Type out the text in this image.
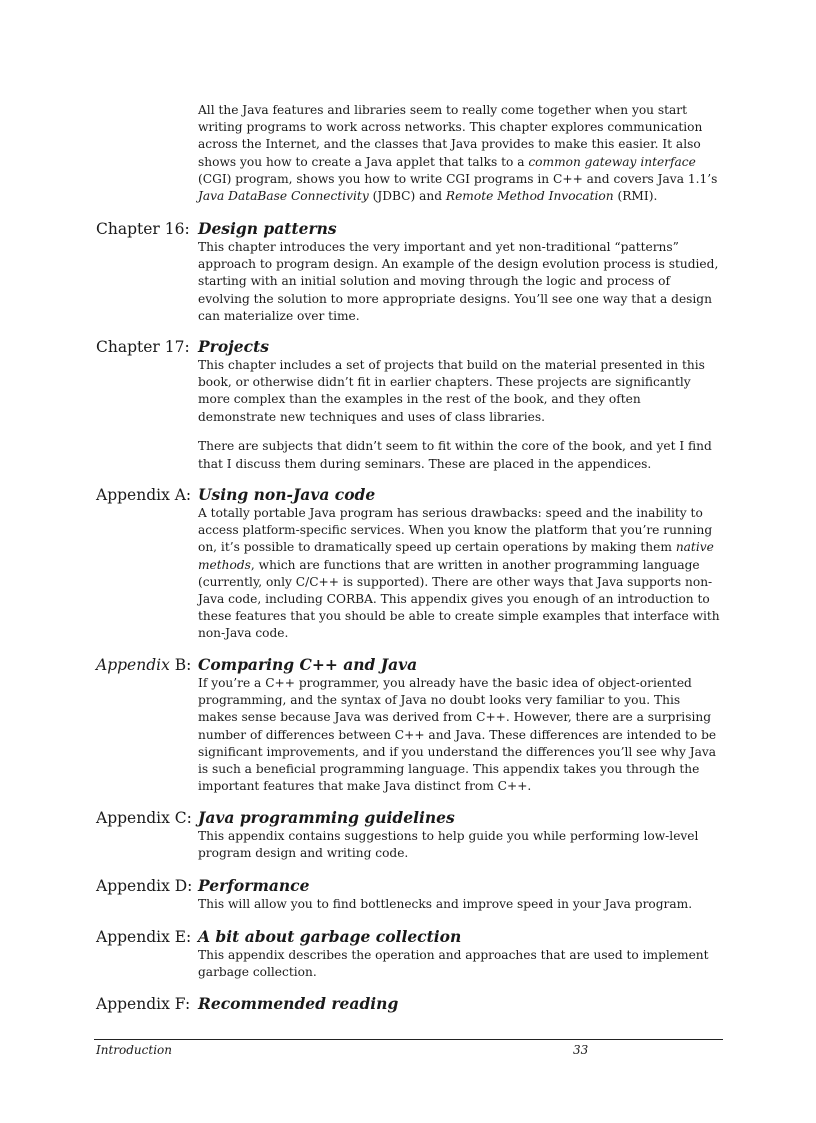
All the Java features and libraries seem to really come together when you start writing programs to work across networks. This chapter explores communication across the Internet, and the classes that Java provides to make this easier. It also shows you how to create a Java applet that talks to a common gateway interface (CGI) program, shows you how to write CGI programs in C++ and covers Java 1.1’s Java DataBase Connectivity (JDBC) and Remote Method Invocation (RMI).

Chapter 16: Design patterns

This chapter introduces the very important and yet non-traditional “patterns” approach to program design. An example of the design evolution process is studied, starting with an initial solution and moving through the logic and process of evolving the solution to more appropriate designs. You’ll see one way that a design can materialize over time.

Chapter 17: Projects

This chapter includes a set of projects that build on the material presented in this book, or otherwise didn’t fit in earlier chapters. These projects are significantly more complex than the examples in the rest of the book, and they often demonstrate new techniques and uses of class libraries.

There are subjects that didn’t seem to fit within the core of the book, and yet I find that I discuss them during seminars. These are placed in the appendices.

Appendix A: Using non-Java code

A totally portable Java program has serious drawbacks: speed and the inability to access platform-specific services. When you know the platform that you’re running on, it’s possible to dramatically speed up certain operations by making them native methods, which are functions that are written in another programming language (currently, only C/C++ is supported). There are other ways that Java supports non-Java code, including CORBA. This appendix gives you enough of an introduction to these features that you should be able to create simple examples that interface with non-Java code.

Appendix B: Comparing C++ and Java

If you’re a C++ programmer, you already have the basic idea of object-oriented programming, and the syntax of Java no doubt looks very familiar to you. This makes sense because Java was derived from C++. However, there are a surprising number of differences between C++ and Java. These differences are intended to be significant improvements, and if you understand the differences you’ll see why Java is such a beneficial programming language. This appendix takes you through the important features that make Java distinct from C++.

Appendix C: Java programming guidelines

This appendix contains suggestions to help guide you while performing low-level program design and writing code.

Appendix D: Performance

This will allow you to find bottlenecks and improve speed in your Java program.

Appendix E: A bit about garbage collection

This appendix describes the operation and approaches that are used to implement garbage collection.

Appendix F: Recommended reading
Introduction	33
